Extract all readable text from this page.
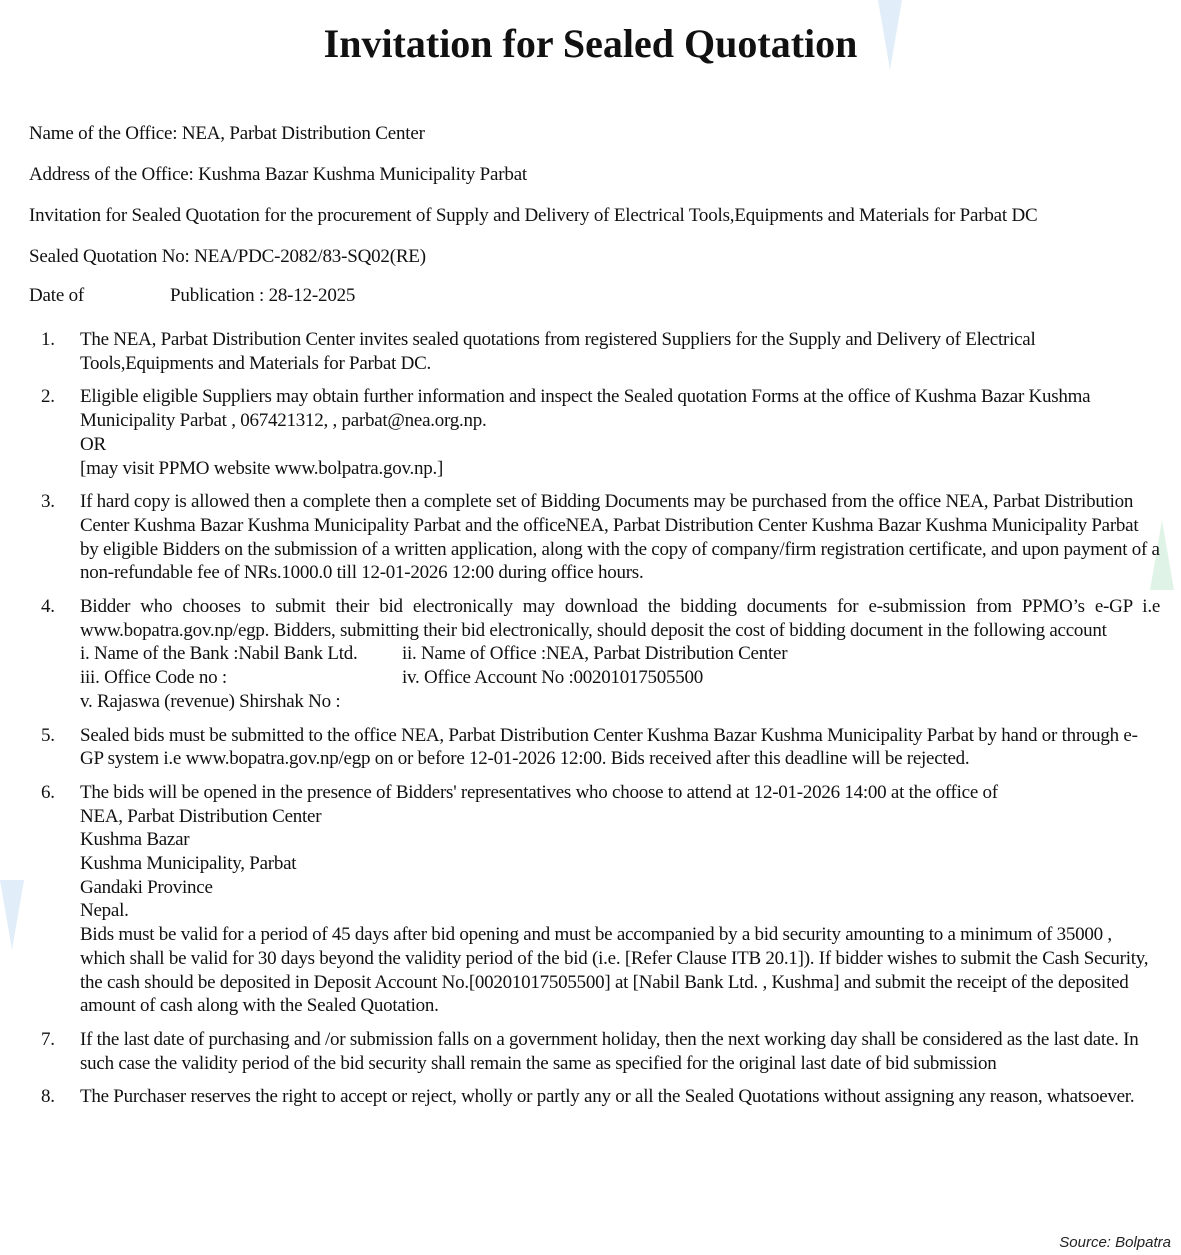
Invitation for Sealed Quotation
Name of the Office: NEA, Parbat Distribution Center
Address of the Office: Kushma Bazar Kushma Municipality Parbat
Invitation for Sealed Quotation for the procurement of Supply and Delivery of Electrical Tools,Equipments and Materials for Parbat DC
Sealed Quotation No: NEA/PDC-2082/83-SQ02(RE)
Date of	Publication : 28-12-2025
1. The NEA, Parbat Distribution Center invites sealed quotations from registered Suppliers for the Supply and Delivery of Electrical Tools,Equipments and Materials for Parbat DC.
2. Eligible eligible Suppliers may obtain further information and inspect the Sealed quotation Forms at the office of Kushma Bazar Kushma Municipality Parbat , 067421312, , parbat@nea.org.np.
OR
[may visit PPMO website www.bolpatra.gov.np.]
3. If hard copy is allowed then a complete then a complete set of Bidding Documents may be purchased from the office NEA, Parbat Distribution Center Kushma Bazar Kushma Municipality Parbat and the officeNEA, Parbat Distribution Center Kushma Bazar Kushma Municipality Parbat by eligible Bidders on the submission of a written application, along with the copy of company/firm registration certificate, and upon payment of a non-refundable fee of NRs.1000.0 till 12-01-2026 12:00 during office hours.
4. Bidder who chooses to submit their bid electronically may download the bidding documents for e-submission from PPMO’s e-GP i.e www.bopatra.gov.np/egp. Bidders, submitting their bid electronically, should deposit the cost of bidding document in the following account
i. Name of the Bank :Nabil Bank Ltd.	ii. Name of Office :NEA, Parbat Distribution Center
iii. Office Code no :	iv. Office Account No :00201017505500
v. Rajaswa (revenue) Shirshak No :
5. Sealed bids must be submitted to the office NEA, Parbat Distribution Center Kushma Bazar Kushma Municipality Parbat by hand or through e-GP system i.e www.bopatra.gov.np/egp on or before 12-01-2026 12:00. Bids received after this deadline will be rejected.
6. The bids will be opened in the presence of Bidders' representatives who choose to attend at 12-01-2026 14:00 at the office of
NEA, Parbat Distribution Center
Kushma Bazar
Kushma Municipality, Parbat
Gandaki Province
Nepal.
Bids must be valid for a period of 45 days after bid opening and must be accompanied by a bid security amounting to a minimum of 35000 , which shall be valid for 30 days beyond the validity period of the bid (i.e. [Refer Clause ITB 20.1]). If bidder wishes to submit the Cash Security, the cash should be deposited in Deposit Account No.[00201017505500] at [Nabil Bank Ltd. , Kushma] and submit the receipt of the deposited amount of cash along with the Sealed Quotation.
7. If the last date of purchasing and /or submission falls on a government holiday, then the next working day shall be considered as the last date. In such case the validity period of the bid security shall remain the same as specified for the original last date of bid submission
8. The Purchaser reserves the right to accept or reject, wholly or partly any or all the Sealed Quotations without assigning any reason, whatsoever.
Source: Bolpatra
